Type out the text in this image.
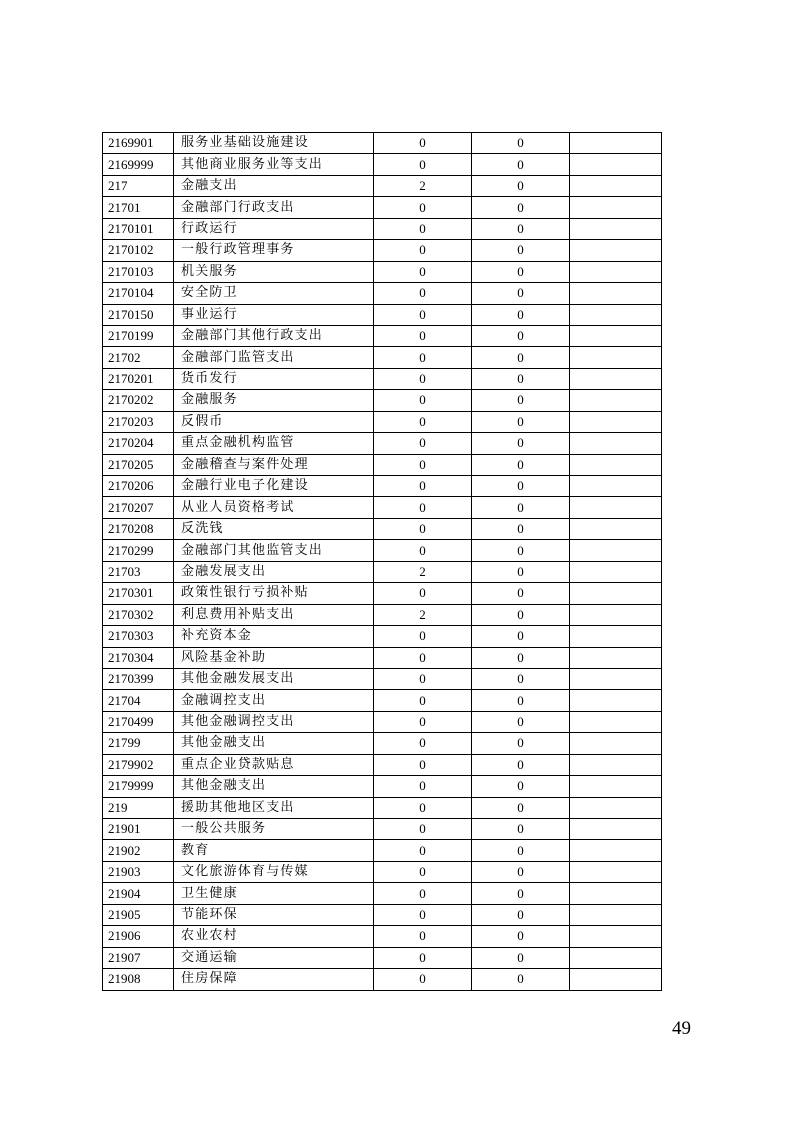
2169901	服务业基础设施建设	0	0	
2169999	其他商业服务业等支出	0	0	
217	金融支出	2	0	
21701	金融部门行政支出	0	0	
2170101	行政运行	0	0	
2170102	一般行政管理事务	0	0	
2170103	机关服务	0	0	
2170104	安全防卫	0	0	
2170150	事业运行	0	0	
2170199	金融部门其他行政支出	0	0	
21702	金融部门监管支出	0	0	
2170201	货币发行	0	0	
2170202	金融服务	0	0	
2170203	反假币	0	0	
2170204	重点金融机构监管	0	0	
2170205	金融稽查与案件处理	0	0	
2170206	金融行业电子化建设	0	0	
2170207	从业人员资格考试	0	0	
2170208	反洗钱	0	0	
2170299	金融部门其他监管支出	0	0	
21703	金融发展支出	2	0	
2170301	政策性银行亏损补贴	0	0	
2170302	利息费用补贴支出	2	0	
2170303	补充资本金	0	0	
2170304	风险基金补助	0	0	
2170399	其他金融发展支出	0	0	
21704	金融调控支出	0	0	
2170499	其他金融调控支出	0	0	
21799	其他金融支出	0	0	
2179902	重点企业贷款贴息	0	0	
2179999	其他金融支出	0	0	
219	援助其他地区支出	0	0	
21901	一般公共服务	0	0	
21902	教育	0	0	
21903	文化旅游体育与传媒	0	0	
21904	卫生健康	0	0	
21905	节能环保	0	0	
21906	农业农村	0	0	
21907	交通运输	0	0	
21908	住房保障	0	0	
49
